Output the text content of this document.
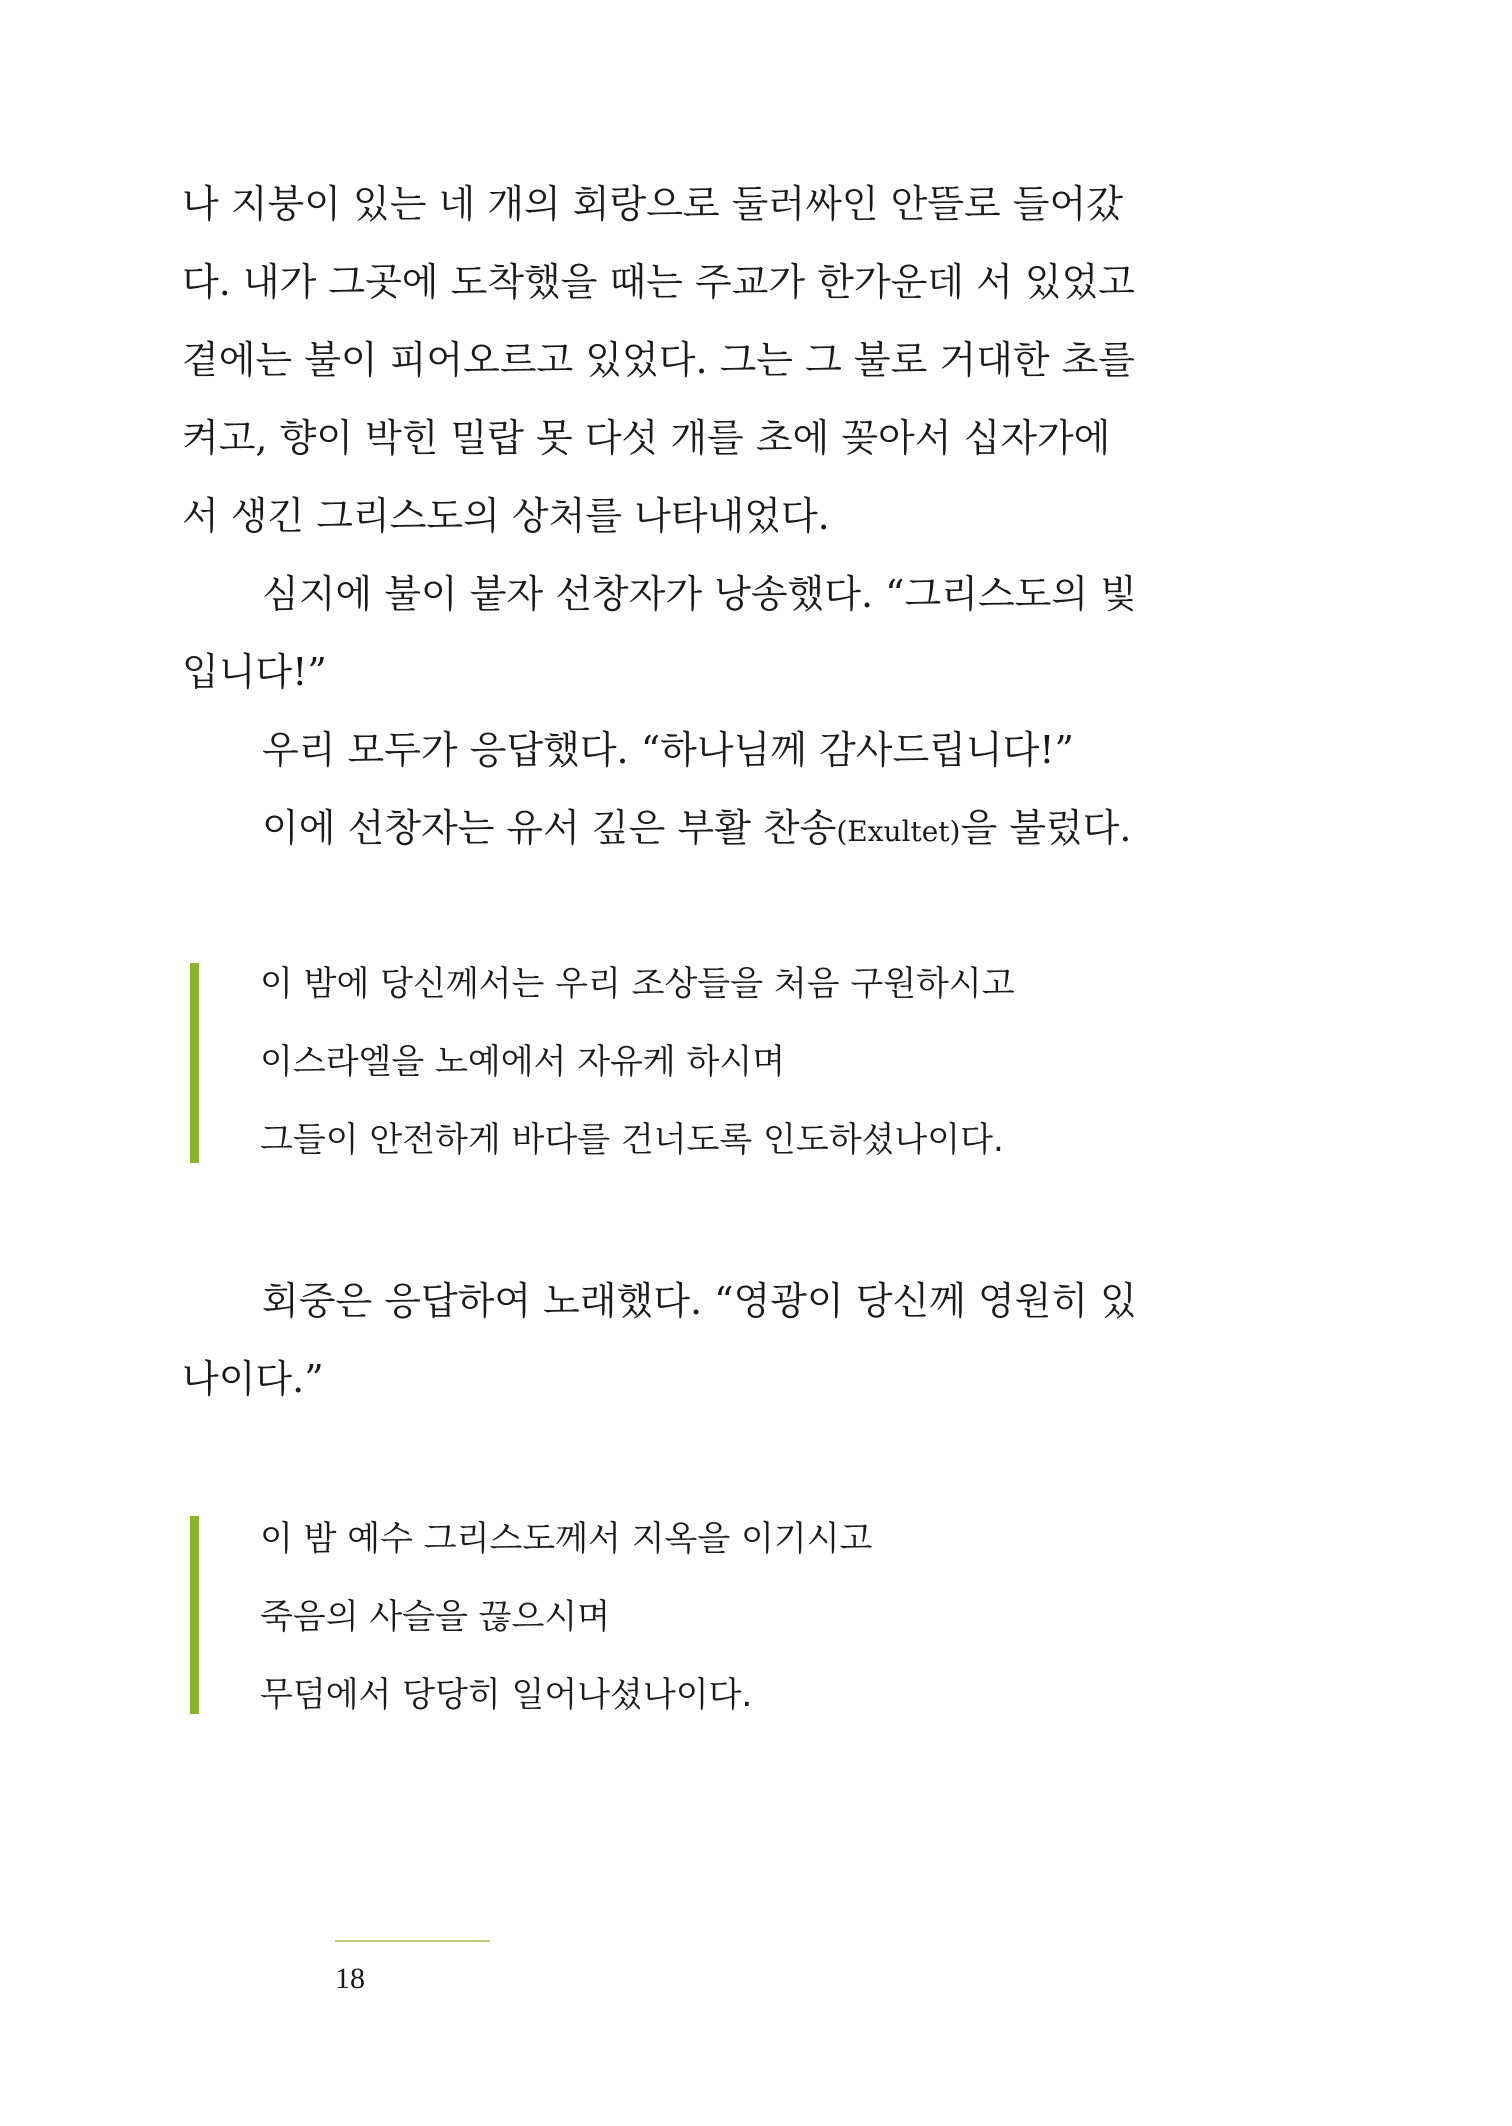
나 지붕이 있는 네 개의 회랑으로 둘러싸인 안뜰로 들어갔
다. 내가 그곳에 도착했을 때는 주교가 한가운데 서 있었고
곁에는 불이 피어오르고 있었다. 그는 그 불로 거대한 초를
켜고, 향이 박힌 밀랍 못 다섯 개를 초에 꽂아서 십자가에
서 생긴 그리스도의 상처를 나타내었다.
심지에 불이 붙자 선창자가 낭송했다. “그리스도의 빛
입니다!”
우리 모두가 응답했다. “하나님께 감사드립니다!”
이에 선창자는 유서 깊은 부활 찬송(Exultet)을 불렀다.
이 밤에 당신께서는 우리 조상들을 처음 구원하시고
이스라엘을 노예에서 자유케 하시며
그들이 안전하게 바다를 건너도록 인도하셨나이다.
회중은 응답하여 노래했다. “영광이 당신께 영원히 있
나이다.”
이 밤 예수 그리스도께서 지옥을 이기시고
죽음의 사슬을 끊으시며
무덤에서 당당히 일어나셨나이다.
18
